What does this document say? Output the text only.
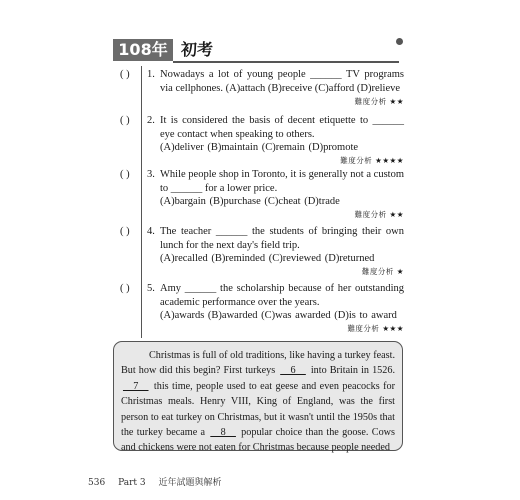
108年 初考
( )	1. Nowadays a lot of young people ______ TV programs via cellphones. (A)attach (B)receive (C)afford (D)relieve
難度分析 ★★
( )	2. It is considered the basis of decent etiquette to ______ eye contact when speaking to others.
(A)deliver (B)maintain (C)remain (D)promote
難度分析 ★★★★
( )	3. While people shop in Toronto, it is generally not a custom to ______ for a lower price.
(A)bargain (B)purchase (C)cheat (D)trade
難度分析 ★★
( )	4. The teacher ______ the students of bringing their own lunch for the next day's field trip.
(A)recalled (B)reminded (C)reviewed (D)returned
難度分析 ★
( )	5. Amy ______ the scholarship because of her outstanding academic performance over the years.
(A)awards (B)awarded (C)was awarded (D)is to award
難度分析 ★★★

Christmas is full of old traditions, like having a turkey feast. But how did this begin? First turkeys __6__ into Britain in 1526. __7__ this time, people used to eat geese and even peacocks for Christmas meals. Henry VIII, King of England, was the first person to eat turkey on Christmas, but it wasn't until the 1950s that the turkey became a __8__ popular choice than the goose. Cows and chickens were not eaten for Christmas because people needed

536 Part 3 近年試題與解析
